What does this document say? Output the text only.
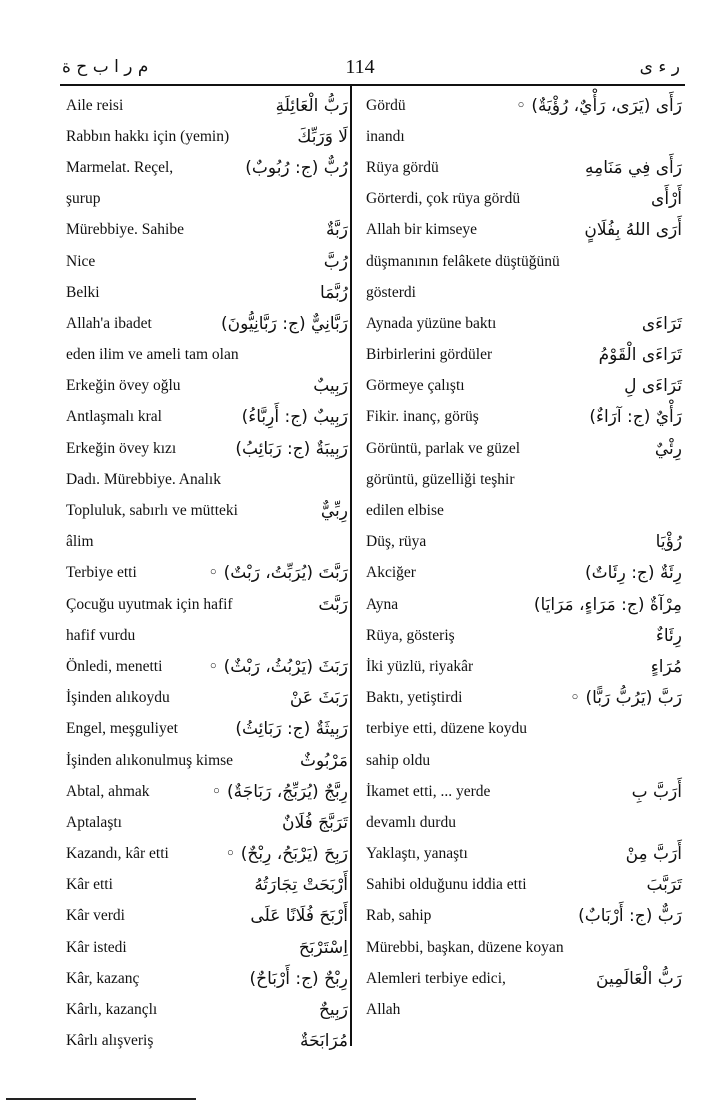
م ر ا ب ح ة	114	ر ء ى
Aile reisi	رَبُّ الْعَائِلَةِ
Rabbın hakkı için (yemin)	لَا وَرَبِّكَ
Marmelat. Reçel,	رُبٌّ (ج: رُبُوبٌ)
şurup
Mürebbiye. Sahibe	رَبَّةٌ
Nice	رُبَّ
Belki	رُبَّمَا
Allah'a ibadet	رَبَّانِيٌّ (ج: رَبَّانِيُّونَ)
eden ilim ve ameli tam olan
Erkeğin övey oğlu	رَبِيبٌ
Antlaşmalı kral	رَبِيبٌ (ج: أَرِبَّاءُ)
Erkeğin övey kızı	رَبِيبَةٌ (ج: رَبَائِبُ)
Dadı. Mürebbiye. Analık
Topluluk, sabırlı ve mütteki	رِبِّيٌّ
âlim
Terbiye etti	رَبَّتَ (يُرَبِّتُ، رَبْتٌ) ◦
Çocuğu uyutmak için hafif	رَبَّتَ
hafif vurdu
Önledi, menetti	رَبَثَ (يَرْبُثُ، رَبْثٌ) ◦
İşinden alıkoydu	رَبَثَ عَنْ
Engel, meşguliyet	رَبِيثَةٌ (ج: رَبَائِثُ)
İşinden alıkonulmuş kimse	مَرْبُوثٌ
Abtal, ahmak	رِبَّجٌ (يُرَبِّجُ، رَبَاجَةٌ) ◦
Aptalaştı	تَرَبَّجَ فُلَانٌ
Kazandı, kâr etti	رَبِحَ (يَرْبَحُ، رِبْحٌ) ◦
Kâr etti	أَرْبَحَتْ تِجَارَتُهُ
Kâr verdi	أَرْبَحَ فُلَانًا عَلَى
Kâr istedi	اِسْتَرْبَحَ
Kâr, kazanç	رِبْحٌ (ج: أَرْبَاحٌ)
Kârlı, kazançlı	رَبِيحٌ
Kârlı alışveriş	مُرَابَحَةٌ
Gördü	رَأَى (يَرَى، رَأْيٌ، رُؤْيَةٌ) ◦
inandı
Rüya gördü	رَأَى فِي مَنَامِهِ
Görterdi, çok rüya gördü	أَرْأَى
Allah bir kimseye	أَرَى اللهُ بِفُلَانٍ
düşmanının felâkete düştüğünü
gösterdi
Aynada yüzüne baktı	تَرَاءَى
Birbirlerini gördüler	تَرَاءَى الْقَوْمُ
Görmeye çalıştı	تَرَاءَى لِ
Fikir. inanç, görüş	رَأْيٌ (ج: آرَاءٌ)
Görüntü, parlak ve güzel	رِئْيٌ
görüntü, güzelliği teşhir
edilen elbise
Düş, rüya	رُؤْيَا
Akciğer	رِئَةٌ (ج: رِئَاتٌ)
Ayna	مِرْآةٌ (ج: مَرَاءٍ، مَرَايَا)
Rüya, gösteriş	رِئَاءٌ
İki yüzlü, riyakâr	مُرَاءٍ
Baktı, yetiştirdi	رَبَّ (يَرُبُّ رَبًّا) ◦
terbiye etti, düzene koydu
sahip oldu
İkamet etti, ... yerde	أَرَبَّ بِ
devamlı durdu
Yaklaştı, yanaştı	أَرَبَّ مِنْ
Sahibi olduğunu iddia etti	تَرَبَّبَ
Rab, sahip	رَبٌّ (ج: أَرْبَابٌ)
Mürebbi, başkan, düzene koyan
Alemleri terbiye edici,	رَبُّ الْعَالَمِينَ
Allah
